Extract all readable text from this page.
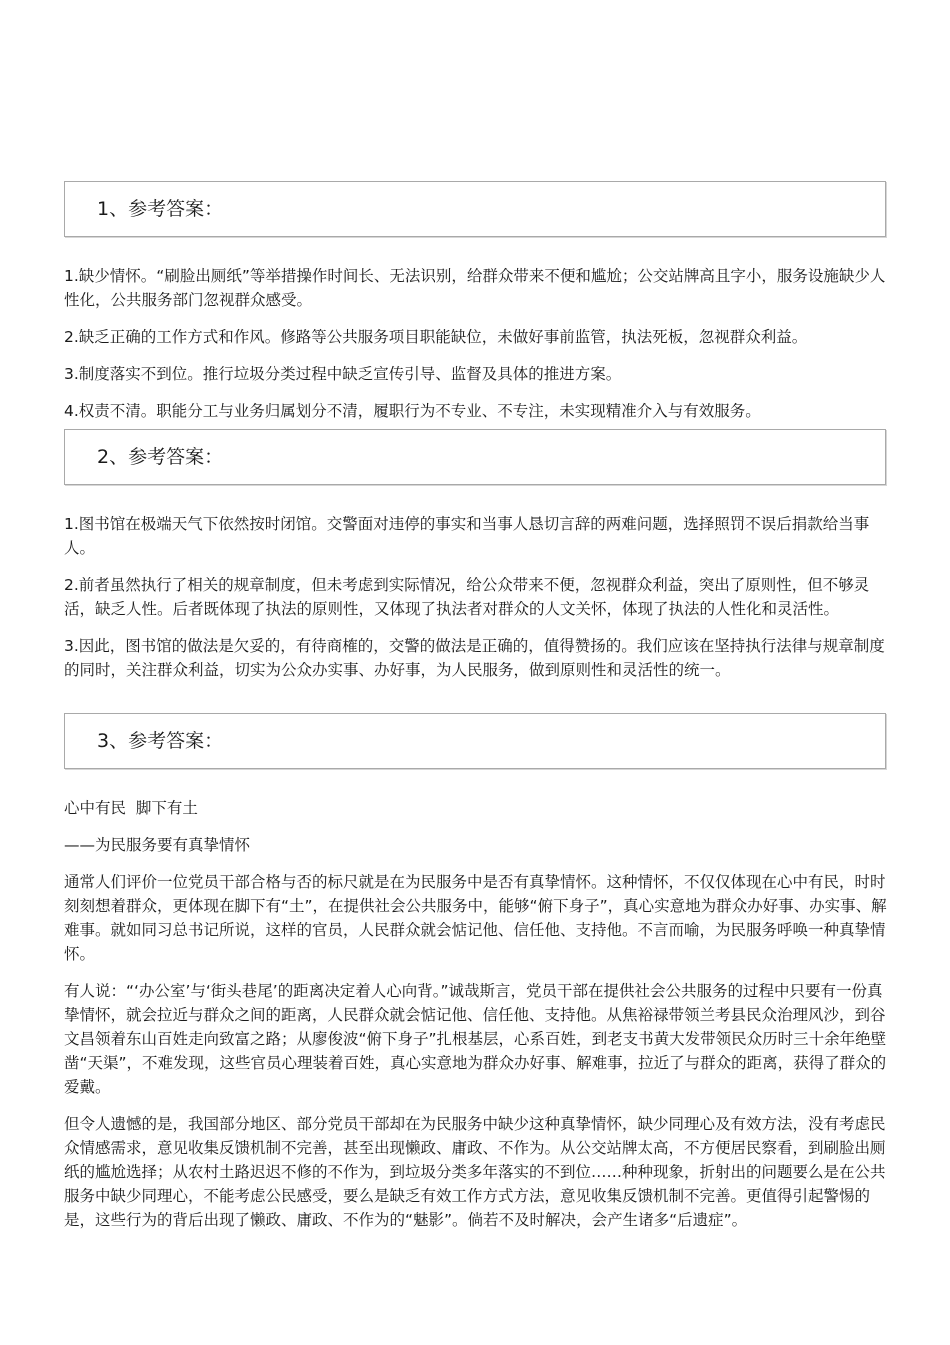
1、参考答案：

1.缺少情怀。“刷脸出厕纸”等举措操作时间长、无法识别，给群众带来不便和尴尬；公交站牌高且字小，服务设施缺少人性化，公共服务部门忽视群众感受。

2.缺乏正确的工作方式和作风。修路等公共服务项目职能缺位，未做好事前监管，执法死板，忽视群众利益。

3.制度落实不到位。推行垃圾分类过程中缺乏宣传引导、监督及具体的推进方案。

4.权责不清。职能分工与业务归属划分不清，履职行为不专业、不专注，未实现精准介入与有效服务。

2、参考答案：

1.图书馆在极端天气下依然按时闭馆。交警面对违停的事实和当事人恳切言辞的两难问题，选择照罚不误后捐款给当事人。

2.前者虽然执行了相关的规章制度，但未考虑到实际情况，给公众带来不便，忽视群众利益，突出了原则性，但不够灵活，缺乏人性。后者既体现了执法的原则性，又体现了执法者对群众的人文关怀，体现了执法的人性化和灵活性。

3.因此，图书馆的做法是欠妥的，有待商榷的，交警的做法是正确的，值得赞扬的。我们应该在坚持执行法律与规章制度的同时，关注群众利益，切实为公众办实事、办好事，为人民服务，做到原则性和灵活性的统一。

3、参考答案：
心中有民  脚下有土
——为民服务要有真挚情怀

通常人们评价一位党员干部合格与否的标尺就是在为民服务中是否有真挚情怀。这种情怀，不仅仅体现在心中有民，时时刻刻想着群众，更体现在脚下有“土”，在提供社会公共服务中，能够“俯下身子”，真心实意地为群众办好事、办实事、解难事。就如同习总书记所说，这样的官员，人民群众就会惦记他、信任他、支持他。不言而喻，为民服务呼唤一种真挚情怀。

有人说：“‘办公室’与‘街头巷尾’的距离决定着人心向背。”诚哉斯言，党员干部在提供社会公共服务的过程中只要有一份真挚情怀，就会拉近与群众之间的距离，人民群众就会惦记他、信任他、支持他。从焦裕禄带领兰考县民众治理风沙，到谷文昌领着东山百姓走向致富之路；从廖俊波“俯下身子”扎根基层，心系百姓，到老支书黄大发带领民众历时三十余年绝壁凿“天渠”，不难发现，这些官员心理装着百姓，真心实意地为群众办好事、解难事，拉近了与群众的距离，获得了群众的爱戴。

但令人遗憾的是，我国部分地区、部分党员干部却在为民服务中缺少这种真挚情怀，缺少同理心及有效方法，没有考虑民众情感需求，意见收集反馈机制不完善，甚至出现懒政、庸政、不作为。从公交站牌太高，不方便居民察看，到刷脸出厕纸的尴尬选择；从农村土路迟迟不修的不作为，到垃圾分类多年落实的不到位……种种现象，折射出的问题要么是在公共服务中缺少同理心，不能考虑公民感受，要么是缺乏有效工作方式方法，意见收集反馈机制不完善。更值得引起警惕的是，这些行为的背后出现了懒政、庸政、不作为的“魅影”。倘若不及时解决，会产生诸多“后遗症”。
